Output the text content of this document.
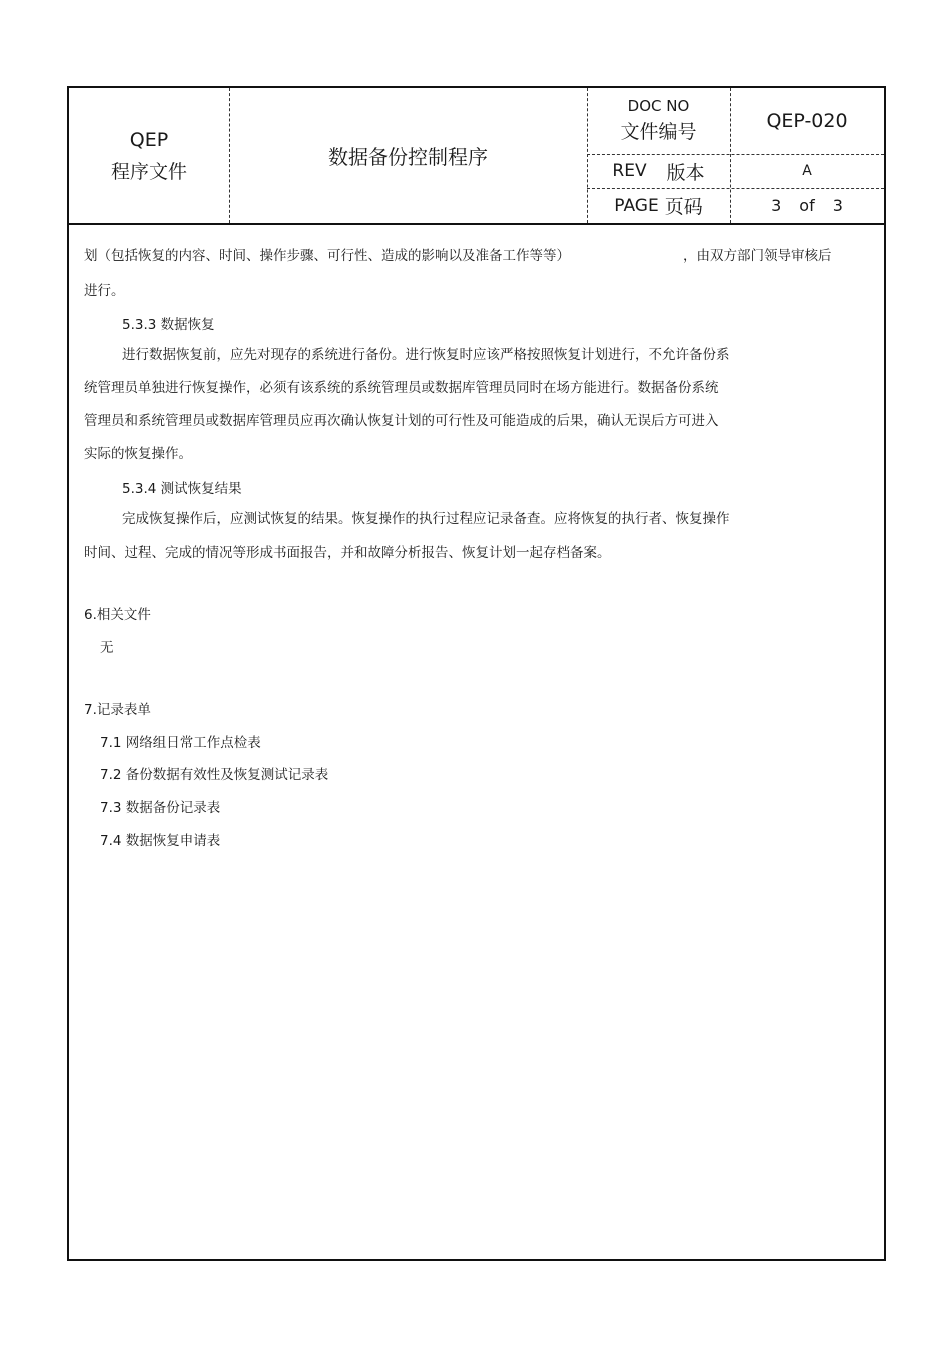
QEP
程序文件
数据备份控制程序
DOC NO
文件编号	QEP-020
REV 版本	A
PAGE 页码	3 of 3
划（包括恢复的内容、时间、操作步骤、可行性、造成的影响以及准备工作等等）	，由双方部门领导审核后
进行。
5.3.3 数据恢复
进行数据恢复前，应先对现存的系统进行备份。进行恢复时应该严格按照恢复计划进行，不允许备份系
统管理员单独进行恢复操作，必须有该系统的系统管理员或数据库管理员同时在场方能进行。数据备份系统
管理员和系统管理员或数据库管理员应再次确认恢复计划的可行性及可能造成的后果，确认无误后方可进入
实际的恢复操作。
5.3.4 测试恢复结果
完成恢复操作后，应测试恢复的结果。恢复操作的执行过程应记录备查。应将恢复的执行者、恢复操作
时间、过程、完成的情况等形成书面报告，并和故障分析报告、恢复计划一起存档备案。
6.相关文件
无
7.记录表单
7.1 网络组日常工作点检表
7.2 备份数据有效性及恢复测试记录表
7.3 数据备份记录表
7.4 数据恢复申请表
